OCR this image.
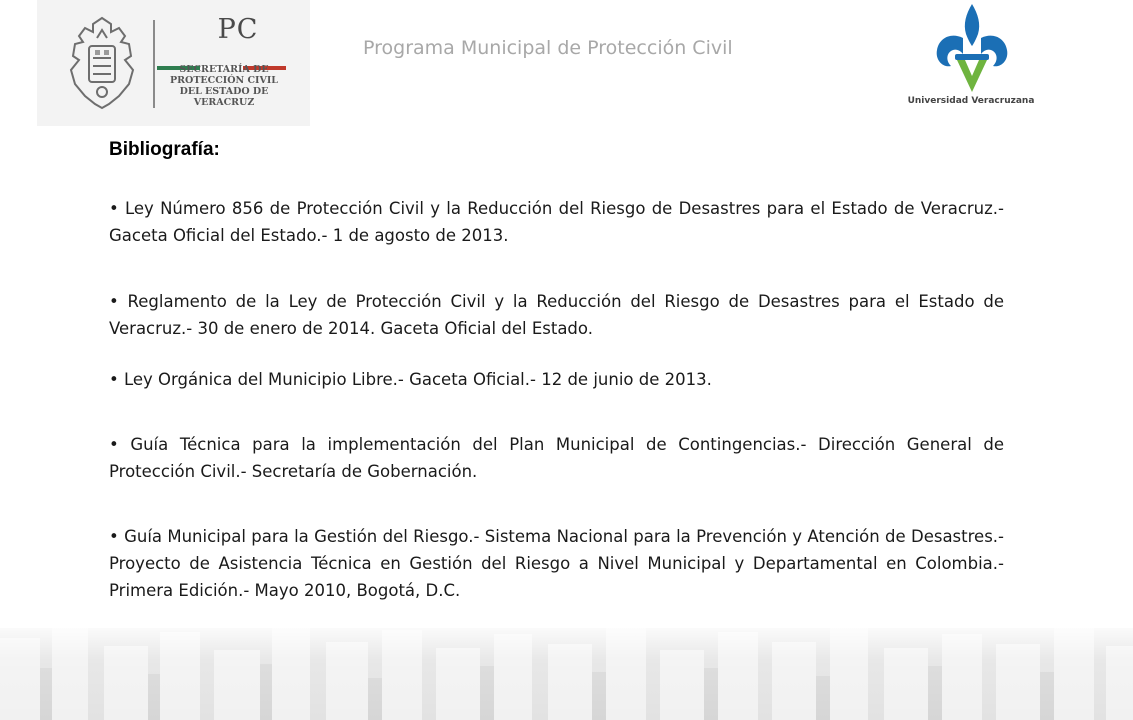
PC
SECRETARÍA DE
PROTECCIÓN CIVIL
DEL ESTADO DE VERACRUZ
Programa Municipal de Protección Civil
Universidad Veracruzana
Bibliografía:
• Ley Número 856 de Protección Civil y la Reducción del Riesgo de Desastres para el Estado de Veracruz.- Gaceta Oficial del Estado.- 1 de agosto de 2013.
• Reglamento de la Ley de Protección Civil y la Reducción del Riesgo de Desastres para el Estado de Veracruz.- 30 de enero de 2014. Gaceta Oficial del Estado.
• Ley Orgánica del Municipio Libre.- Gaceta Oficial.- 12 de junio de 2013.
• Guía Técnica para la implementación del Plan Municipal de Contingencias.- Dirección General de Protección Civil.- Secretaría de Gobernación.
• Guía Municipal para la Gestión del Riesgo.- Sistema Nacional para la Prevención y Atención de Desastres.- Proyecto de Asistencia Técnica en Gestión del Riesgo a Nivel Municipal y Departamental en Colombia.- Primera Edición.- Mayo 2010, Bogotá, D.C.
